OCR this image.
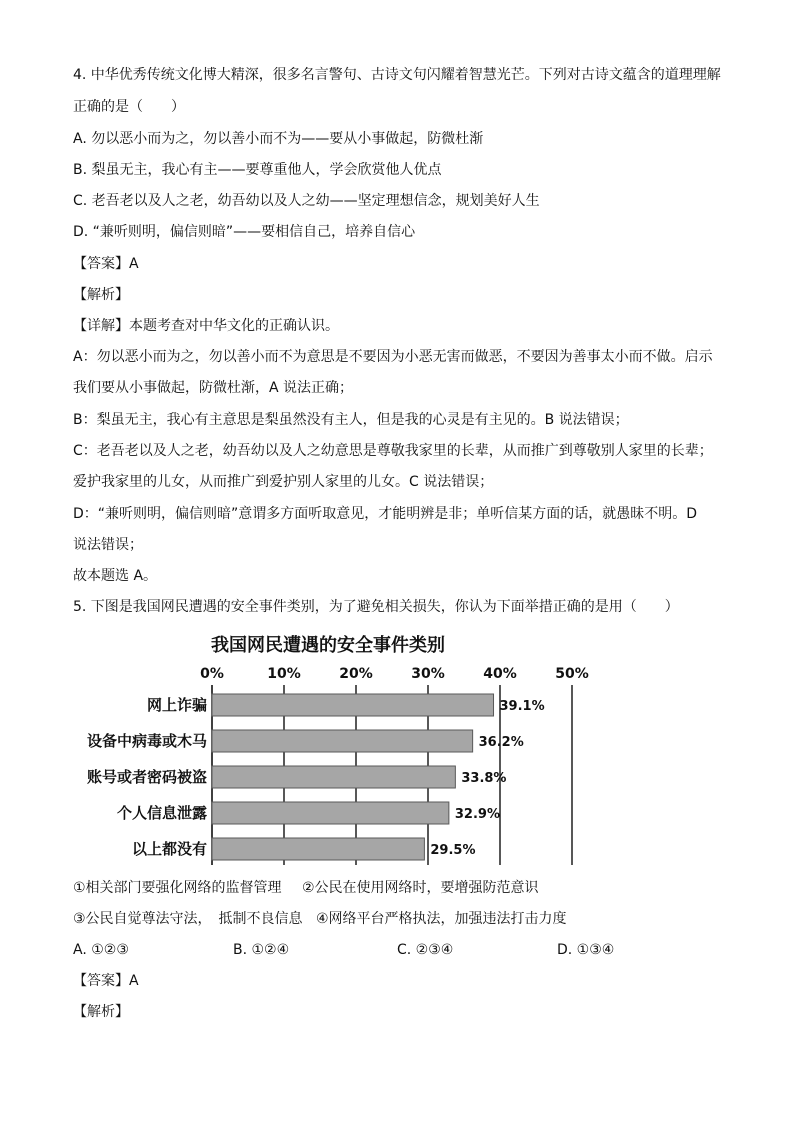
4. 中华优秀传统文化博大精深，很多名言警句、古诗文句闪耀着智慧光芒。下列对古诗文蕴含的道理理解
正确的是（　　）
A. 勿以恶小而为之，勿以善小而不为——要从小事做起，防微杜渐
B. 梨虽无主，我心有主——要尊重他人，学会欣赏他人优点
C. 老吾老以及人之老，幼吾幼以及人之幼——坚定理想信念，规划美好人生
D. “兼听则明，偏信则暗”——要相信自己，培养自信心
【答案】A
【解析】
【详解】本题考查对中华文化的正确认识。
A：勿以恶小而为之，勿以善小而不为意思是不要因为小恶无害而做恶，不要因为善事太小而不做。启示
我们要从小事做起，防微杜渐，A 说法正确；
B：梨虽无主，我心有主意思是梨虽然没有主人，但是我的心灵是有主见的。B 说法错误；
C：老吾老以及人之老，幼吾幼以及人之幼意思是尊敬我家里的长辈，从而推广到尊敬别人家里的长辈；
爱护我家里的儿女，从而推广到爱护别人家里的儿女。C 说法错误；
D：“兼听则明，偏信则暗”意谓多方面听取意见，才能明辨是非；单听信某方面的话，就愚昧不明。D
说法错误；
故本题选 A。
5. 下图是我国网民遭遇的安全事件类别，为了避免相关损失，你认为下面举措正确的是用（　　）
我国网民遭遇的安全事件类别
0%	10%	20%	30%	40%	50%
网上诈骗
设备中病毒或木马
账号或者密码被盗
个人信息泄露
以上都没有
39.1%
36.2%
33.8%
32.9%
29.5%
①相关部门要强化网络的监督管理 ②公民在使用网络时，要增强防范意识
③公民自觉尊法守法，　抵制不良信息 ④网络平台严格执法，加强违法打击力度
A. ①②③	B. ①②④	C. ②③④	D. ①③④
【答案】A
【解析】
